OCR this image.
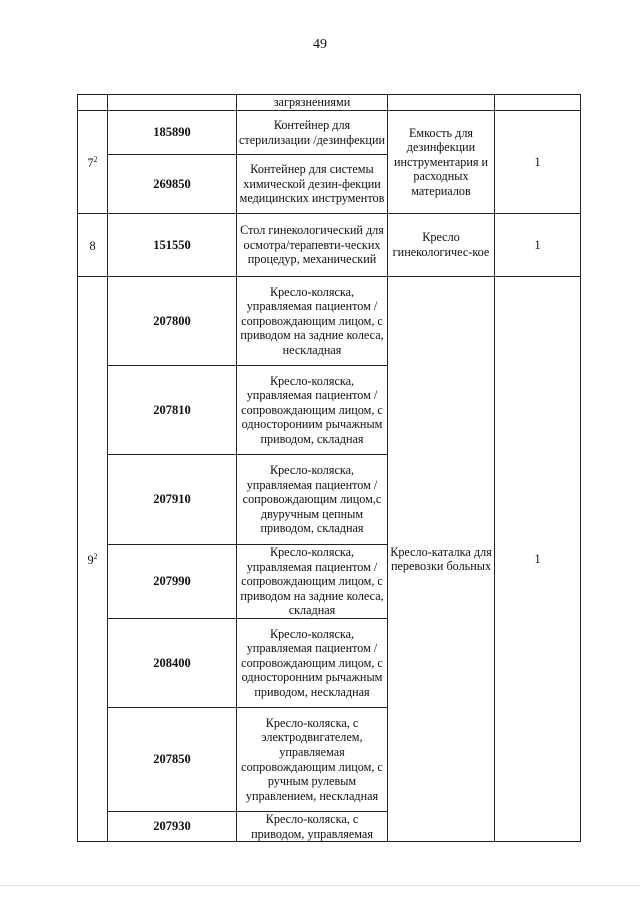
49
		загрязнениями		
$7^2$	185890	Контейнер для стерилизации /дезинфекции	Емкость для дезинфекции инструментария и расходных материалов	1
	269850	Контейнер для системы химической дезин-фекции медицинских инструментов		
8	151550	Стол гинекологический для осмотра/терапевти-ческих процедур, механический	Кресло гинекологичес-кое	1
$9^2$	207800	Кресло-коляска, управляемая пациентом /сопровождающим лицом, с приводом на задние колеса, нескладная	Кресло-каталка для перевозки больных	1
	207810	Кресло-коляска, управляемая пациентом /сопровождающим лицом, с односторониим рычажным приводом, складная		
	207910	Кресло-коляска, управляемая пациентом /сопровождающим лицом,с двуручным цепным приводом, складная		
	207990	Кресло-коляска, управляемая пациентом /сопровождающим лицом, с приводом на задние колеса, складная		
	208400	Кресло-коляска, управляемая пациентом /сопровождающим лицом, с односторонним рычажным приводом, нескладная		
	207850	Кресло-коляска, с электродвигателем, управляемая сопровождающим лицом, с ручным рулевым управлением, нескладная		
	207930	Кресло-коляска, с приводом, управляемая		
